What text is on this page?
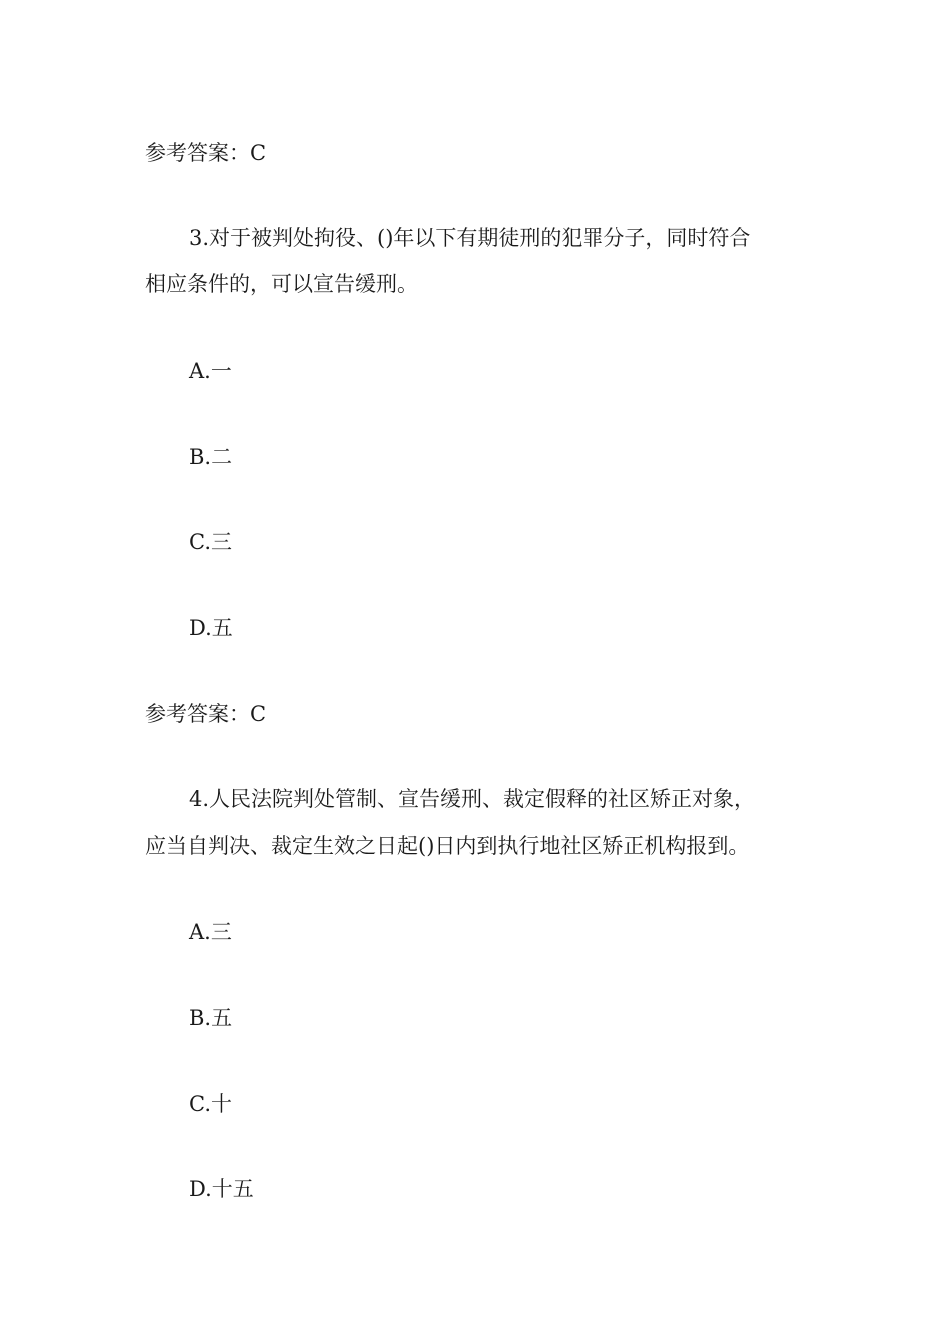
参考答案：C

3.对于被判处拘役、()年以下有期徒刑的犯罪分子，同时符合

相应条件的，可以宣告缓刑。

A.一

B.二

C.三

D.五

参考答案：C

4.人民法院判处管制、宣告缓刑、裁定假释的社区矫正对象，

应当自判决、裁定生效之日起()日内到执行地社区矫正机构报到。

A.三

B.五

C.十

D.十五
